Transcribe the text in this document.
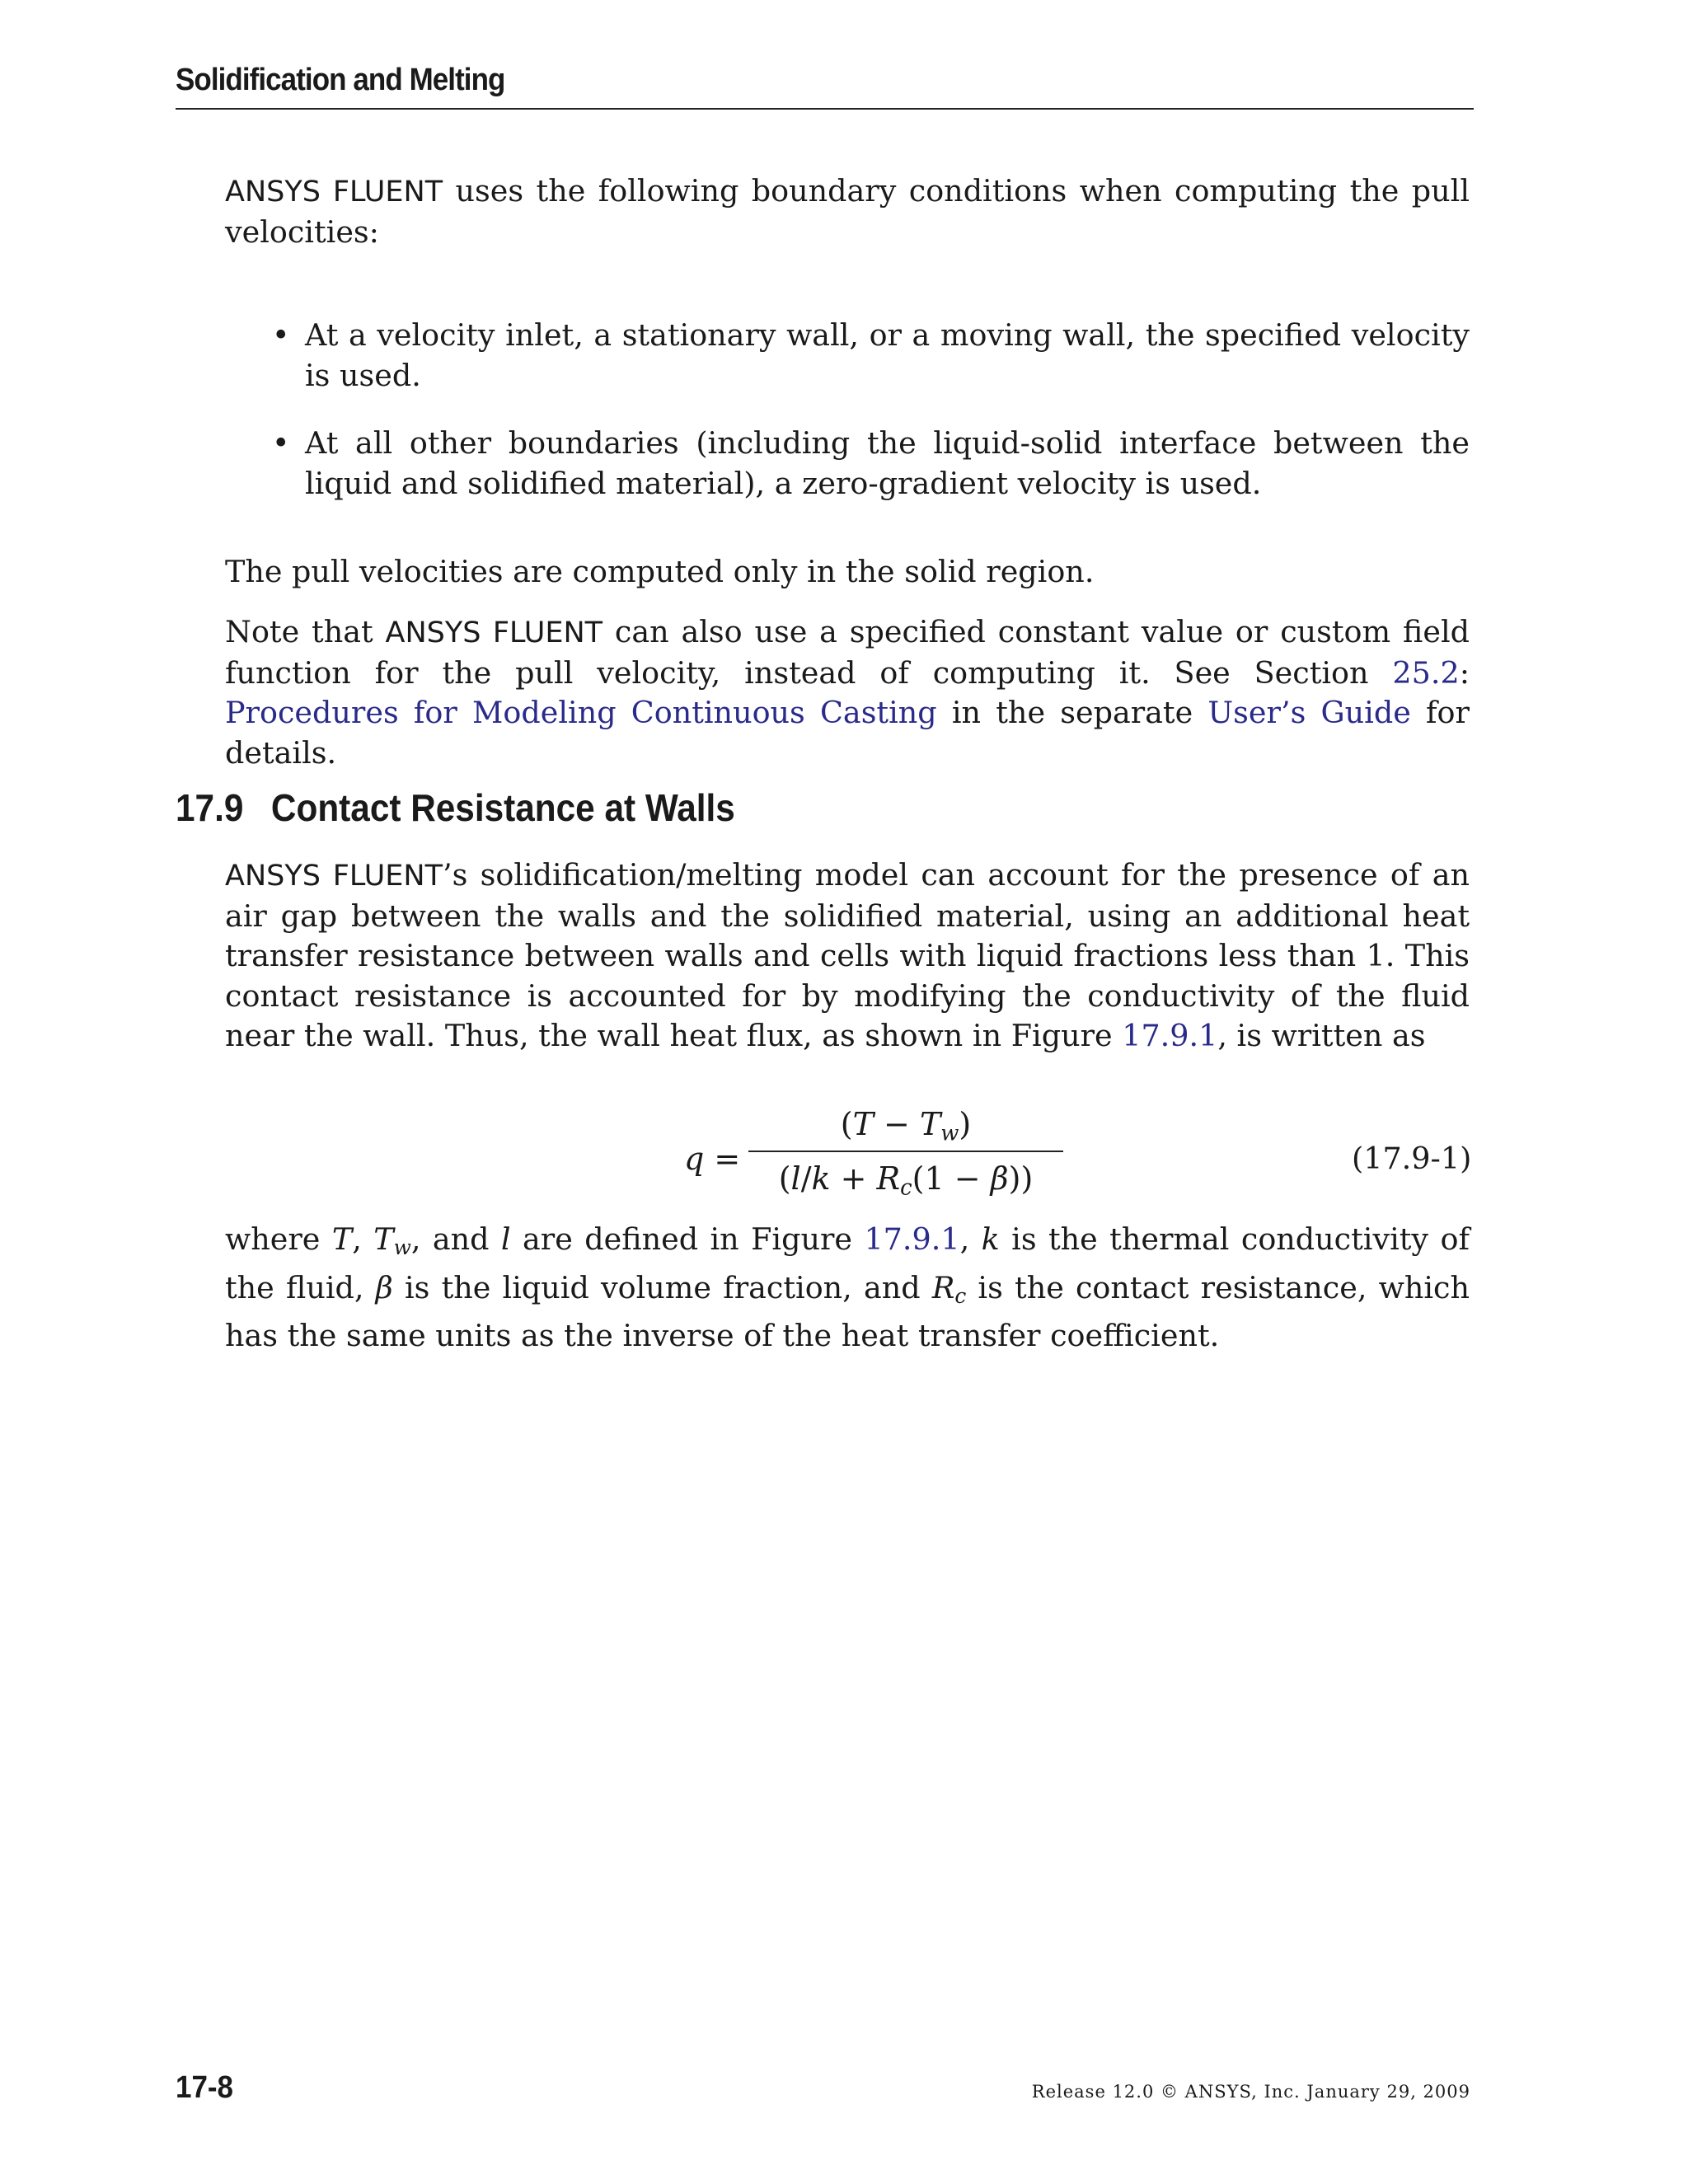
Solidification and Melting

ANSYS FLUENT uses the following boundary conditions when computing the pull velocities:

• At a velocity inlet, a stationary wall, or a moving wall, the specified velocity is used.
• At all other boundaries (including the liquid-solid interface between the liquid and solidified material), a zero-gradient velocity is used.

The pull velocities are computed only in the solid region.

Note that ANSYS FLUENT can also use a specified constant value or custom field function for the pull velocity, instead of computing it. See Section 25.2: Procedures for Modeling Continuous Casting in the separate User’s Guide for details.

17.9 Contact Resistance at Walls

ANSYS FLUENT’s solidification/melting model can account for the presence of an air gap between the walls and the solidified material, using an additional heat transfer resistance between walls and cells with liquid fractions less than 1. This contact resistance is accounted for by modifying the conductivity of the fluid near the wall. Thus, the wall heat flux, as shown in Figure 17.9.1, is written as

q =
$(T - T_w)$
$(l/k + R_c(1 - \beta))$
(17.9-1)

where T, $T_w$, and l are defined in Figure 17.9.1, k is the thermal conductivity of the fluid, β is the liquid volume fraction, and $R_c$ is the contact resistance, which has the same units as the inverse of the heat transfer coefficient.

17-8	Release 12.0 © ANSYS, Inc. January 29, 2009
